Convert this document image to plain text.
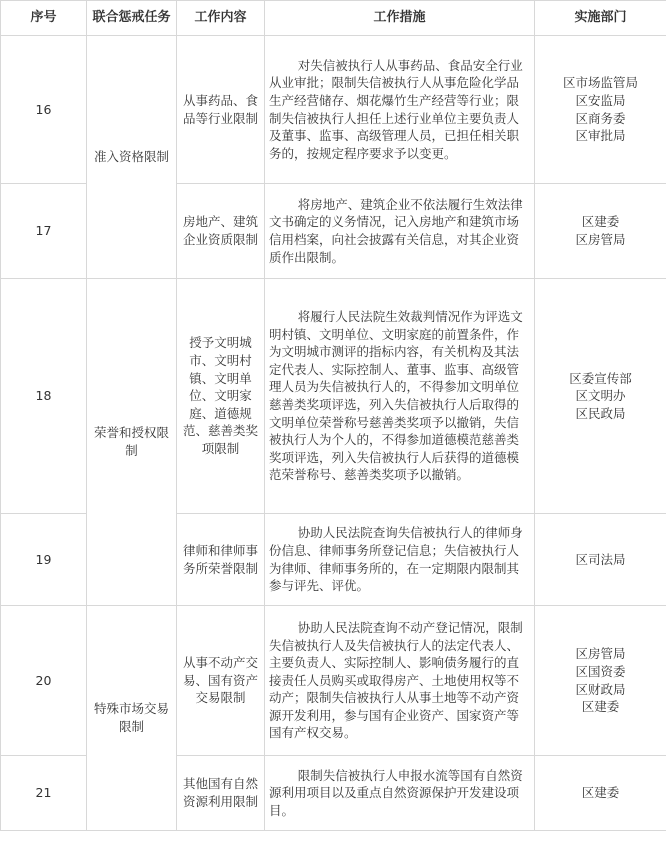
序号	联合惩戒任务	工作内容	工作措施	实施部门
16	准入资格限制	从事药品、食品等行业限制	对失信被执行人从事药品、食品安全行业从业审批；限制失信被执行人从事危险化学品生产经营储存、烟花爆竹生产经营等行业；限制失信被执行人担任上述行业单位主要负责人及董事、监事、高级管理人员，已担任相关职务的，按规定程序要求予以变更。	区市场监管局
区安监局
区商务委
区审批局

17		房地产、建筑企业资质限制	将房地产、建筑企业不依法履行生效法律文书确定的义务情况，记入房地产和建筑市场信用档案，向社会披露有关信息，对其企业资质作出限制。	区建委
区房管局

18	荣誉和授权限制	授予文明城市、文明村镇、文明单位、文明家庭、道德规范、慈善类奖项限制	将履行人民法院生效裁判情况作为评选文明村镇、文明单位、文明家庭的前置条件，作为文明城市测评的指标内容，有关机构及其法定代表人、实际控制人、董事、监事、高级管理人员为失信被执行人的，不得参加文明单位慈善类奖项评选，列入失信被执行人后取得的文明单位荣誉称号慈善类奖项予以撤销，失信被执行人为个人的，不得参加道德模范慈善类奖项评选，列入失信被执行人后获得的道德模范荣誉称号、慈善类奖项予以撤销。	区委宣传部
区文明办
区民政局

19		律师和律师事务所荣誉限制	协助人民法院查询失信被执行人的律师身份信息、律师事务所登记信息；失信被执行人为律师、律师事务所的，在一定期限内限制其参与评先、评优。	区司法局

20	特殊市场交易限制	从事不动产交易、国有资产交易限制	协助人民法院查询不动产登记情况，限制失信被执行人及失信被执行人的法定代表人、主要负责人、实际控制人、影响债务履行的直接责任人员购买或取得房产、土地使用权等不动产；限制失信被执行人从事土地等不动产资源开发利用，参与国有企业资产、国家资产等国有产权交易。	区房管局
区国资委
区财政局
区建委

21		其他国有自然资源利用限制	限制失信被执行人申报水流等国有自然资源利用项目以及重点自然资源保护开发建设项目。	区建委
